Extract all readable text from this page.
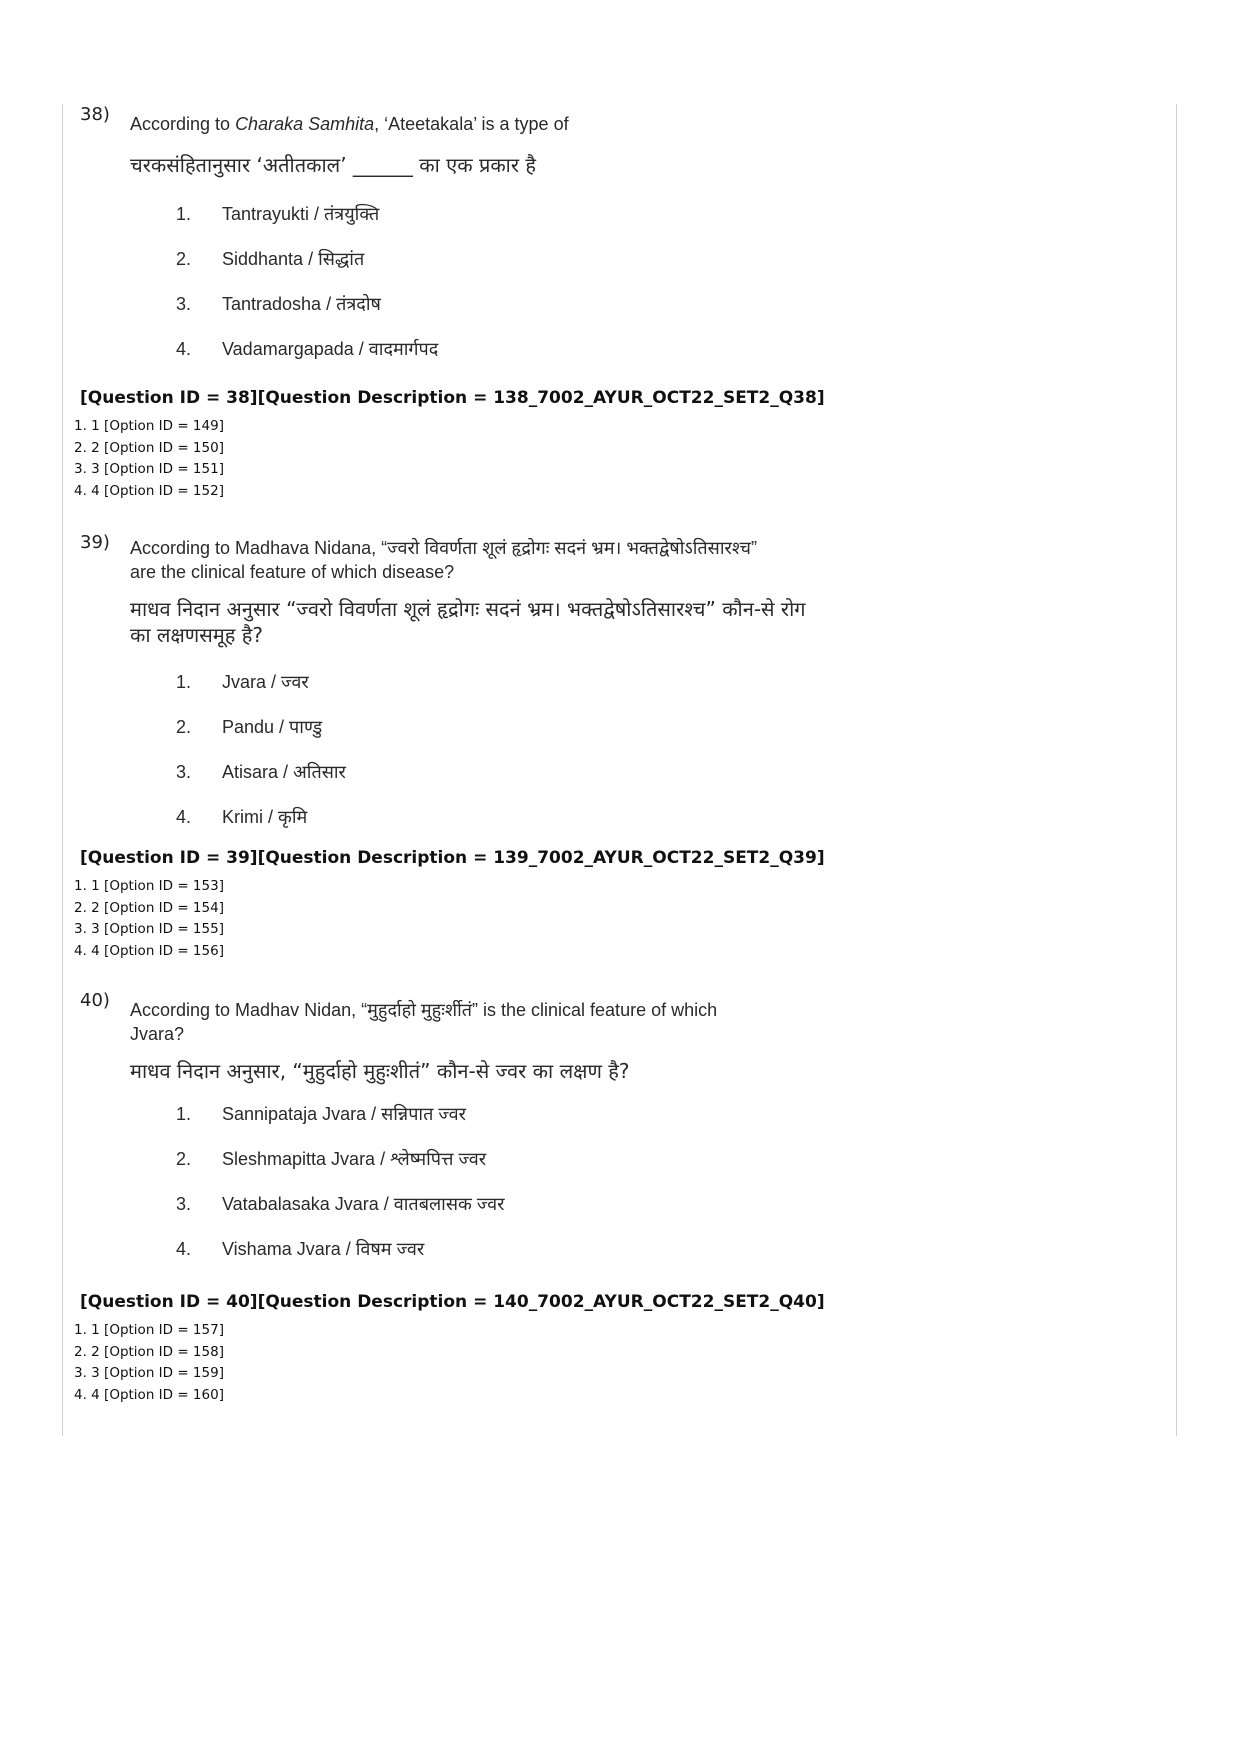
38) According to Charaka Samhita, ‘Ateetakala’ is a type of
चरकसंहितानुसार ‘अतीतकाल’ ______ का एक प्रकार है
1. Tantrayukti / तंत्रयुक्ति
2. Siddhanta / सिद्धांत
3. Tantradosha / तंत्रदोष
4. Vadamargapada / वादमार्गपद
[Question ID = 38][Question Description = 138_7002_AYUR_OCT22_SET2_Q38]
1. 1 [Option ID = 149]
2. 2 [Option ID = 150]
3. 3 [Option ID = 151]
4. 4 [Option ID = 152]
39) According to Madhava Nidana, “ज्वरो विवर्णता शूलं हृद्रोगः सदनं भ्रम। भक्तद्वेषोऽतिसारश्च”
are the clinical feature of which disease?
माधव निदान अनुसार “ज्वरो विवर्णता शूलं हृद्रोगः सदनं भ्रम। भक्तद्वेषोऽतिसारश्च” कौन-से रोग
का लक्षणसमूह है?
1. Jvara / ज्वर
2. Pandu / पाण्डु
3. Atisara / अतिसार
4. Krimi / कृमि
[Question ID = 39][Question Description = 139_7002_AYUR_OCT22_SET2_Q39]
1. 1 [Option ID = 153]
2. 2 [Option ID = 154]
3. 3 [Option ID = 155]
4. 4 [Option ID = 156]
40) According to Madhav Nidan, “मुहुर्दाहो मुहुःर्शीतं” is the clinical feature of which
Jvara?
माधव निदान अनुसार, “मुहुर्दाहो मुहुःशीतं” कौन-से ज्वर का लक्षण है?
1. Sannipataja Jvara / सन्निपात ज्वर
2. Sleshmapitta Jvara / श्लेष्मपित्त ज्वर
3. Vatabalasaka Jvara / वातबलासक ज्वर
4. Vishama Jvara / विषम ज्वर
[Question ID = 40][Question Description = 140_7002_AYUR_OCT22_SET2_Q40]
1. 1 [Option ID = 157]
2. 2 [Option ID = 158]
3. 3 [Option ID = 159]
4. 4 [Option ID = 160]
